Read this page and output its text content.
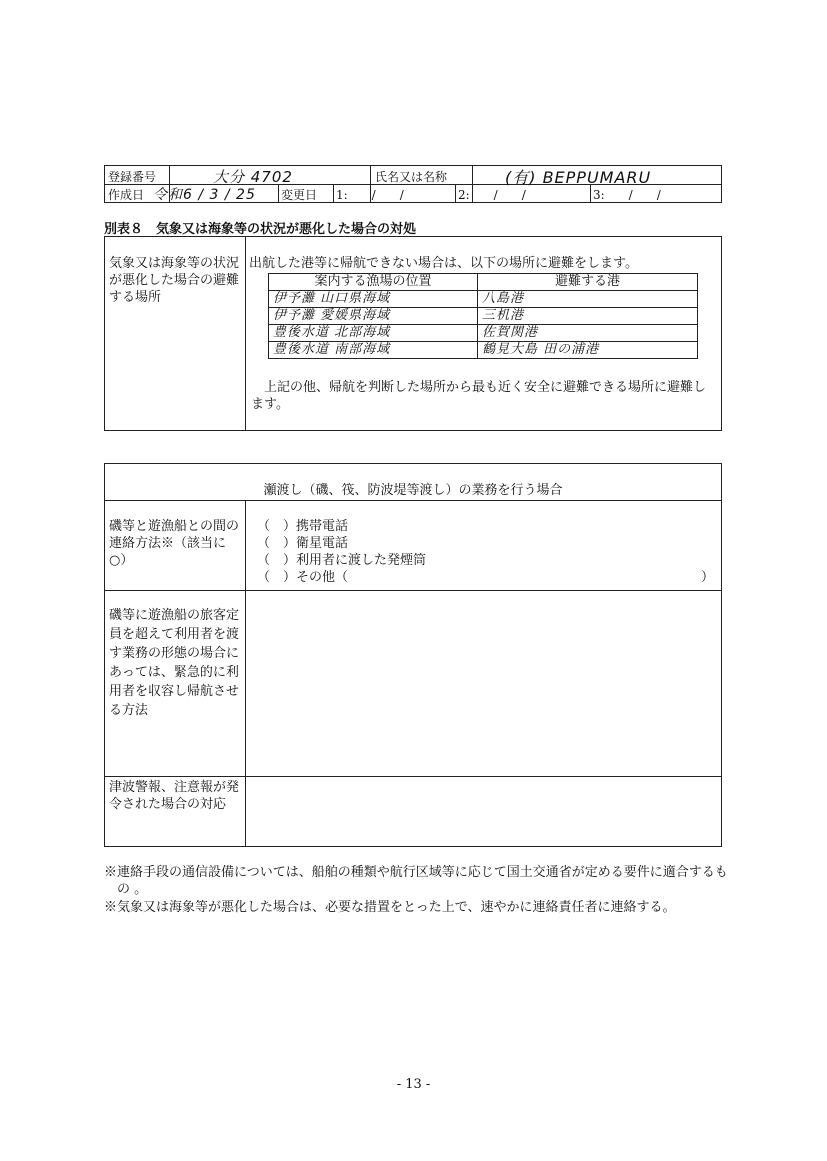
登録番号	大分 4702	氏名又は名称	(有) BEPPUMARU
作成日 令和6 / 3 / 25 変更日 1:　　/　　/	2:　　/　　/	3:　　/　　/
別表８　気象又は海象等の状況が悪化した場合の対処
気象又は海象等の状況が悪化した場合の避難する場所
出航した港等に帰航できない場合は、以下の場所に避難をします。
案内する漁場の位置	避難する港
伊予灘 山口県海域	八島港
伊予灘 愛媛県海域	三机港
豊後水道 北部海域	佐賀関港
豊後水道 南部海域	鶴見大島 田の浦港
上記の他、帰航を判断した場所から最も近く安全に避難できる場所に避難します。
瀬渡し（磯、筏、防波堤等渡し）の業務を行う場合
磯等と遊漁船との間の連絡方法※（該当に○）
（　）携帯電話
（　）衛星電話
（　）利用者に渡した発煙筒
（　）その他（	）
磯等に遊漁船の旅客定員を超えて利用者を渡す業務の形態の場合にあっては、緊急的に利用者を収容し帰航させる方法
津波警報、注意報が発令された場合の対応
※連絡手段の通信設備については、船舶の種類や航行区域等に応じて国土交通省が定める要件に適合するもの 。
※気象又は海象等が悪化した場合は、必要な措置をとった上で、速やかに連絡責任者に連絡する。
- 13 -
